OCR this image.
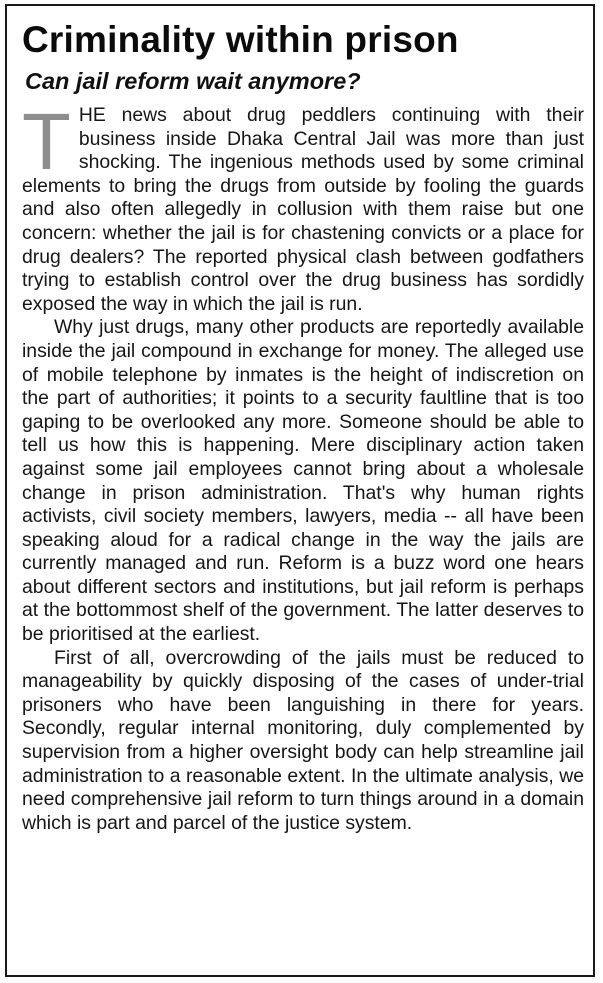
Criminality within prison
Can jail reform wait anymore?

THE news about drug peddlers continuing with their business inside Dhaka Central Jail was more than just shocking. The ingenious methods used by some criminal elements to bring the drugs from outside by fooling the guards and also often allegedly in collusion with them raise but one concern: whether the jail is for chastening convicts or a place for drug dealers? The reported physical clash between godfathers trying to establish control over the drug business has sordidly exposed the way in which the jail is run.

Why just drugs, many other products are reportedly available inside the jail compound in exchange for money. The alleged use of mobile telephone by inmates is the height of indiscretion on the part of authorities; it points to a security faultline that is too gaping to be overlooked any more. Someone should be able to tell us how this is happening. Mere disciplinary action taken against some jail employees cannot bring about a wholesale change in prison administration. That's why human rights activists, civil society members, lawyers, media -- all have been speaking aloud for a radical change in the way the jails are currently managed and run. Reform is a buzz word one hears about different sectors and institutions, but jail reform is perhaps at the bottommost shelf of the government. The latter deserves to be prioritised at the earliest.

First of all, overcrowding of the jails must be reduced to manageability by quickly disposing of the cases of under-trial prisoners who have been languishing in there for years. Secondly, regular internal monitoring, duly complemented by supervision from a higher oversight body can help streamline jail administration to a reasonable extent. In the ultimate analysis, we need comprehensive jail reform to turn things around in a domain which is part and parcel of the justice system.
